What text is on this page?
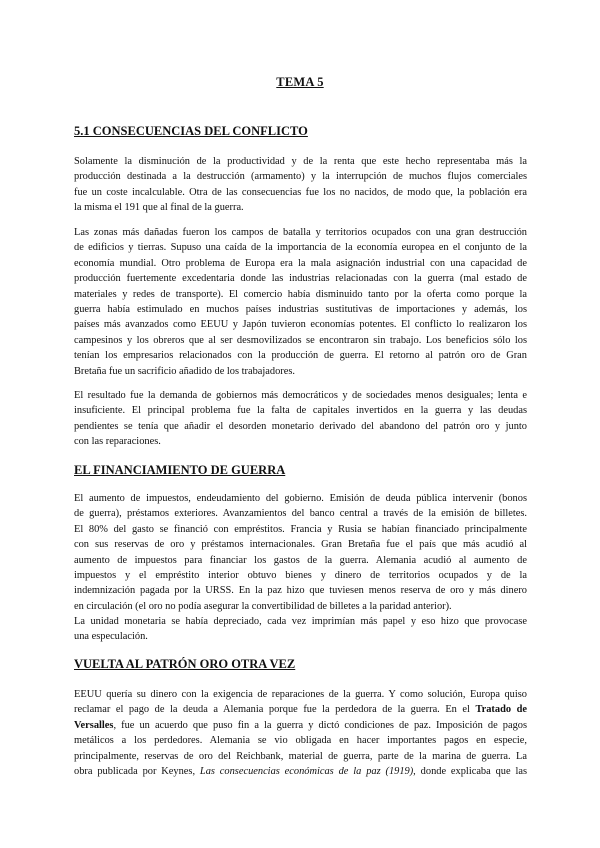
TEMA 5
5.1 CONSECUENCIAS DEL CONFLICTO
Solamente la disminución de la productividad y de la renta que este hecho representaba más la
producción destinada a la destrucción (armamento) y la interrupción de muchos flujos comerciales
fue un coste incalculable. Otra de las consecuencias fue los no nacidos, de modo que, la población era
la misma el 191 que al final de la guerra.
Las zonas más dañadas fueron los campos de batalla y territorios ocupados con una gran destrucción
de edificios y tierras. Supuso una caída de la importancia de la economía europea en el conjunto de la
economía mundial. Otro problema de Europa era la mala asignación industrial con una capacidad de
producción fuertemente excedentaria donde las industrias relacionadas con la guerra (mal estado de
materiales y redes de transporte). El comercio había disminuido tanto por la oferta como porque la
guerra había estimulado en muchos países industrias sustitutivas de importaciones y además, los
países más avanzados como EEUU y Japón tuvieron economías potentes. El conflicto lo realizaron los
campesinos y los obreros que al ser desmovilizados se encontraron sin trabajo. Los beneficios sólo los
tenían los empresarios relacionados con la producción de guerra. El retorno al patrón oro de Gran
Bretaña fue un sacrificio añadido de los trabajadores.
El resultado fue la demanda de gobiernos más democráticos y de sociedades menos desiguales; lenta e
insuficiente. El principal problema fue la falta de capitales invertidos en la guerra y las deudas
pendientes se tenía que añadir el desorden monetario derivado del abandono del patrón oro y junto
con las reparaciones.
EL FINANCIAMIENTO DE GUERRA
El aumento de impuestos, endeudamiento del gobierno. Emisión de deuda pública intervenir (bonos
de guerra), préstamos exteriores. Avanzamientos del banco central a través de la emisión de billetes.
El 80% del gasto se financió con empréstitos. Francia y Rusia se habían financiado principalmente
con sus reservas de oro y préstamos internacionales. Gran Bretaña fue el país que más acudió al
aumento de impuestos para financiar los gastos de la guerra. Alemania acudió al aumento de
impuestos y el empréstito interior obtuvo bienes y dinero de territorios ocupados y de la
indemnización pagada por la URSS. En la paz hizo que tuviesen menos reserva de oro y más dinero
en circulación (el oro no podía asegurar la convertibilidad de billetes a la paridad anterior).
La unidad monetaria se había depreciado, cada vez imprimían más papel y eso hizo que provocase
una especulación.
VUELTA AL PATRÓN ORO OTRA VEZ
EEUU quería su dinero con la exigencia de reparaciones de la guerra. Y como solución, Europa quiso
reclamar el pago de la deuda a Alemania porque fue la perdedora de la guerra. En el Tratado de
Versalles, fue un acuerdo que puso fin a la guerra y dictó condiciones de paz. Imposición de pagos
metálicos a los perdedores. Alemania se vio obligada en hacer importantes pagos en especie,
principalmente, reservas de oro del Reichbank, material de guerra, parte de la marina de guerra. La
obra publicada por Keynes, Las consecuencias económicas de la paz (1919), donde explicaba que las
